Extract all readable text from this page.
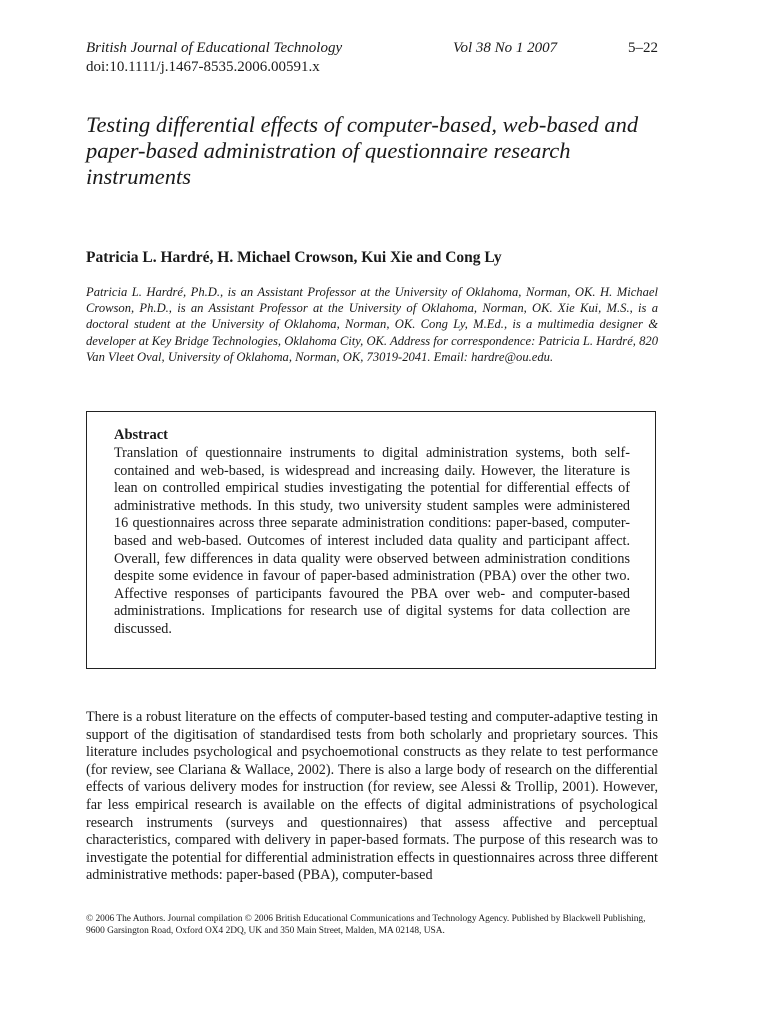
British Journal of Educational Technology	Vol 38 No 1 2007	5–22
doi:10.1111/j.1467-8535.2006.00591.x
Testing differential effects of computer-based, web-based and paper-based administration of questionnaire research instruments
Patricia L. Hardré, H. Michael Crowson, Kui Xie and Cong Ly
Patricia L. Hardré, Ph.D., is an Assistant Professor at the University of Oklahoma, Norman, OK. H. Michael Crowson, Ph.D., is an Assistant Professor at the University of Oklahoma, Norman, OK. Xie Kui, M.S., is a doctoral student at the University of Oklahoma, Norman, OK. Cong Ly, M.Ed., is a multimedia designer & developer at Key Bridge Technologies, Oklahoma City, OK. Address for correspondence: Patricia L. Hardré, 820 Van Vleet Oval, University of Oklahoma, Norman, OK, 73019-2041. Email: hardre@ou.edu.
Abstract
Translation of questionnaire instruments to digital administration systems, both self-contained and web-based, is widespread and increasing daily. However, the literature is lean on controlled empirical studies investigating the potential for differential effects of administrative methods. In this study, two university student samples were administered 16 questionnaires across three separate administration conditions: paper-based, computer-based and web-based. Outcomes of interest included data quality and participant affect. Overall, few differences in data quality were observed between administration conditions despite some evidence in favour of paper-based administration (PBA) over the other two. Affective responses of participants favoured the PBA over web- and computer-based administrations. Implications for research use of digital systems for data collection are discussed.
There is a robust literature on the effects of computer-based testing and computer-adaptive testing in support of the digitisation of standardised tests from both scholarly and proprietary sources. This literature includes psychological and psychoemotional constructs as they relate to test performance (for review, see Clariana & Wallace, 2002). There is also a large body of research on the differential effects of various delivery modes for instruction (for review, see Alessi & Trollip, 2001). However, far less empirical research is available on the effects of digital administrations of psychological research instruments (surveys and questionnaires) that assess affective and perceptual characteristics, compared with delivery in paper-based formats. The purpose of this research was to investigate the potential for differential administration effects in questionnaires across three different administrative methods: paper-based (PBA), computer-based
© 2006 The Authors. Journal compilation © 2006 British Educational Communications and Technology Agency. Published by Blackwell Publishing, 9600 Garsington Road, Oxford OX4 2DQ, UK and 350 Main Street, Malden, MA 02148, USA.
